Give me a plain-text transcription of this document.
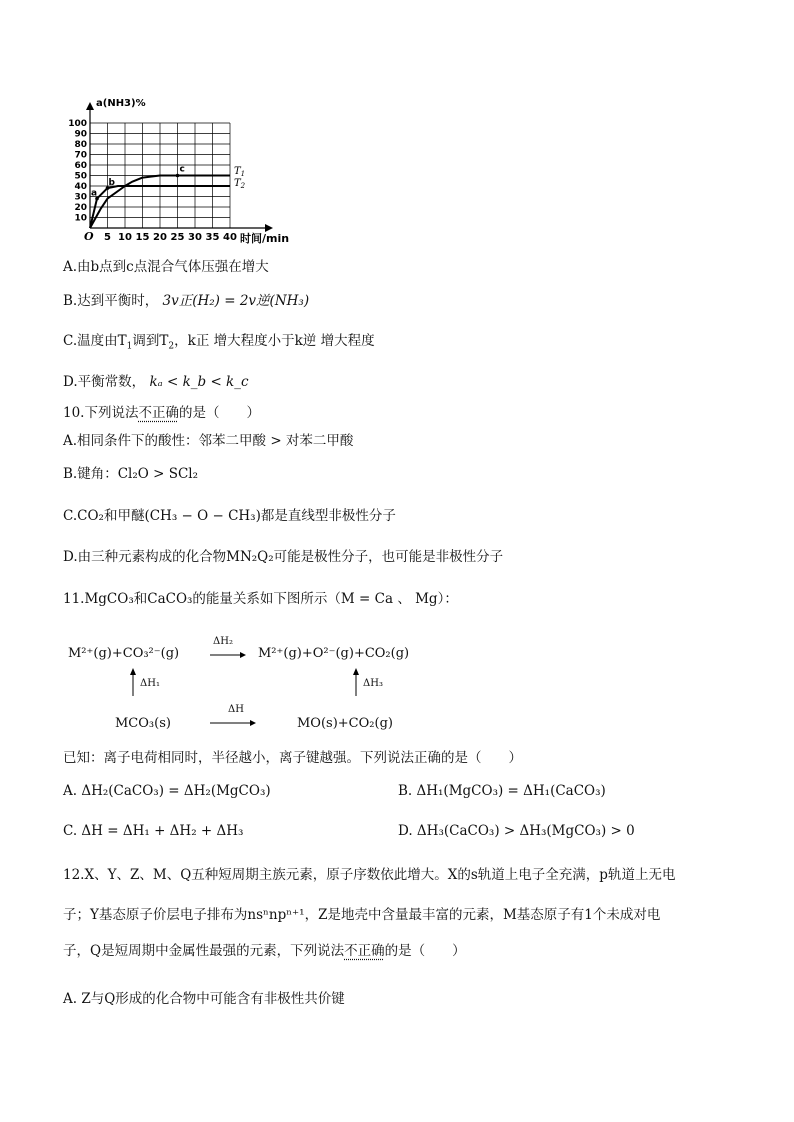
a(NH3)%
O	时间/min
100
90
80
70
60
50
40
30
20
10
5 10 15 20 25 30 35 40
a
b
c	$T_1$
$T_2$
A.由b点到c点混合气体压强在增大
B.达到平衡时， 3v正(H₂) = 2v逆(NH₃)
C.温度由$T_1$调到$T_2$，k正 增大程度小于k逆 增大程度
D.平衡常数， kₐ < k_b < k_c
10.下列说法不正确的是（　　）
A.相同条件下的酸性：邻苯二甲酸 > 对苯二甲酸
B.键角：Cl₂O > SCl₂
C.CO₂和甲醚(CH₃ − O − CH₃)都是直线型非极性分子
D.由三种元素构成的化合物MN₂Q₂可能是极性分子，也可能是非极性分子
11.MgCO₃和CaCO₃的能量关系如下图所示（M = Ca 、 Mg）：
M²⁺(g)+CO₃²⁻(g)
ΔH₂
M²⁺(g)+O²⁻(g)+CO₂(g)
ΔH₁	ΔH₃
MCO₃(s)
ΔH
MO(s)+CO₂(g)
已知：离子电荷相同时，半径越小，离子键越强。下列说法正确的是（　　）
A. ΔH₂(CaCO₃) = ΔH₂(MgCO₃)	B. ΔH₁(MgCO₃) = ΔH₁(CaCO₃)
C. ΔH = ΔH₁ + ΔH₂ + ΔH₃	D. ΔH₃(CaCO₃) > ΔH₃(MgCO₃) > 0
12.X、Y、Z、M、Q五种短周期主族元素，原子序数依此增大。X的s轨道上电子全充满，p轨道上无电
子；Y基态原子价层电子排布为nsⁿnpⁿ⁺¹，Z是地壳中含量最丰富的元素，M基态原子有1个未成对电
子，Q是短周期中金属性最强的元素，下列说法不正确的是（　　）
A. Z与Q形成的化合物中可能含有非极性共价键
